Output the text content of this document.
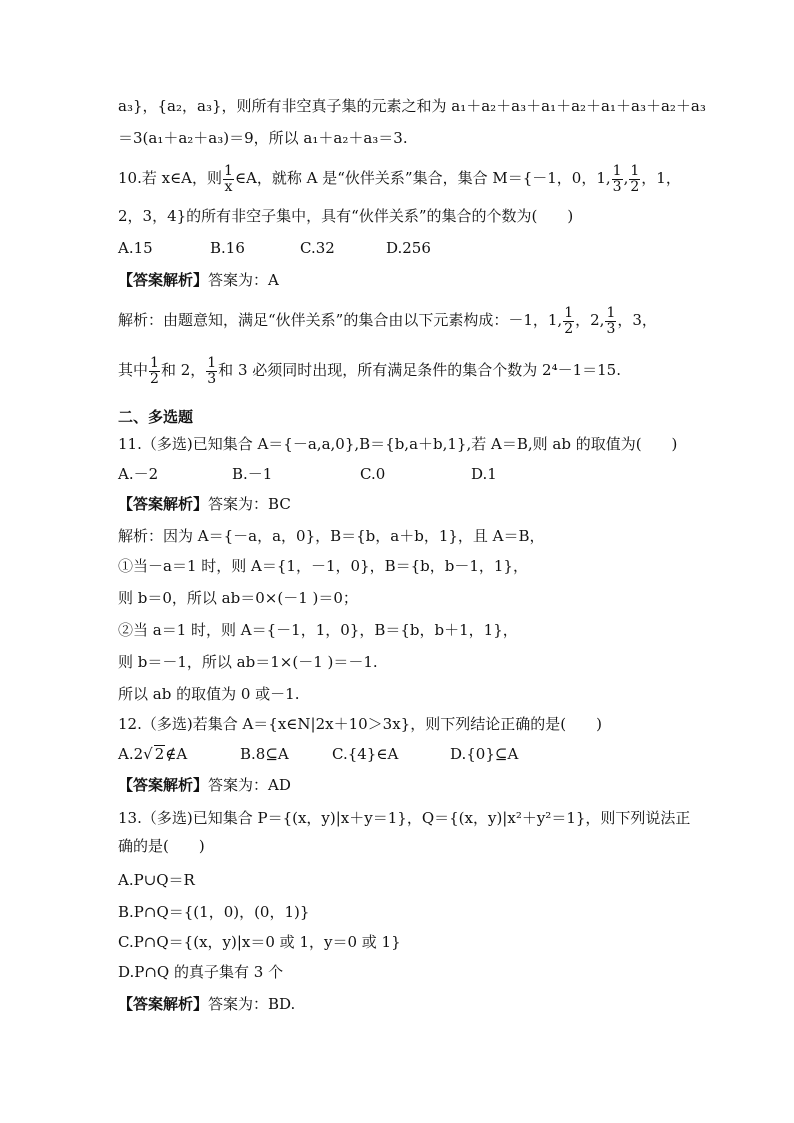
a₃}，{a₂，a₃}，则所有非空真子集的元素之和为 a₁＋a₂＋a₃＋a₁＋a₂＋a₁＋a₃＋a₂＋a₃
＝3(a₁＋a₂＋a₃)＝9，所以 a₁＋a₂＋a₃＝3.
10.若 x∈A，则 $\frac{1}{x}$ ∈A，就称 A 是“伙伴关系”集合，集合 M＝{－1，0，1, $\frac{1}{3}$ , $\frac{1}{2}$ ，1，
2，3，4}的所有非空子集中，具有“伙伴关系”的集合的个数为(　　)
A.15	B.16	C.32	D.256
【答案解析】答案为：A
解析：由题意知，满足“伙伴关系”的集合由以下元素构成：－1，1, $\frac{1}{2}$ ，2, $\frac{1}{3}$ ，3，
其中 $\frac{1}{2}$ 和 2， $\frac{1}{3}$ 和 3 必须同时出现，所有满足条件的集合个数为 2⁴－1＝15.
二、多选题
11.（多选)已知集合 A＝{－a,a,0},B＝{b,a＋b,1},若 A＝B,则 ab 的取值为(　　)
A.－2	B.－1	C.0	D.1
【答案解析】答案为：BC
解析：因为 A＝{－a，a，0}，B＝{b，a＋b，1}，且 A＝B，
①当－a＝1 时，则 A＝{1，－1，0}，B＝{b，b－1，1}，
则 b＝0，所以 ab＝0×(－1 )＝0；
②当 a＝1 时，则 A＝{－1，1，0}，B＝{b，b＋1，1}，
则 b＝－1，所以 ab＝1×(－1 )＝－1.
所以 ab 的取值为 0 或－1.
12.（多选)若集合 A＝{x∈N|2x＋10＞3x}，则下列结论正确的是(　　)
A.2√ 2∉A	B.8⊆A	C.{4}∈A	D.{0}⊆A
【答案解析】答案为：AD
13.（多选)已知集合 P＝{(x，y)|x＋y＝1}，Q＝{(x，y)|x²＋y²＝1}，则下列说法正
确的是(　　)
A.P∪Q＝R
B.P∩Q＝{(1，0)，(0，1)}
C.P∩Q＝{(x，y)|x＝0 或 1，y＝0 或 1}
D.P∩Q 的真子集有 3 个
【答案解析】答案为：BD.
